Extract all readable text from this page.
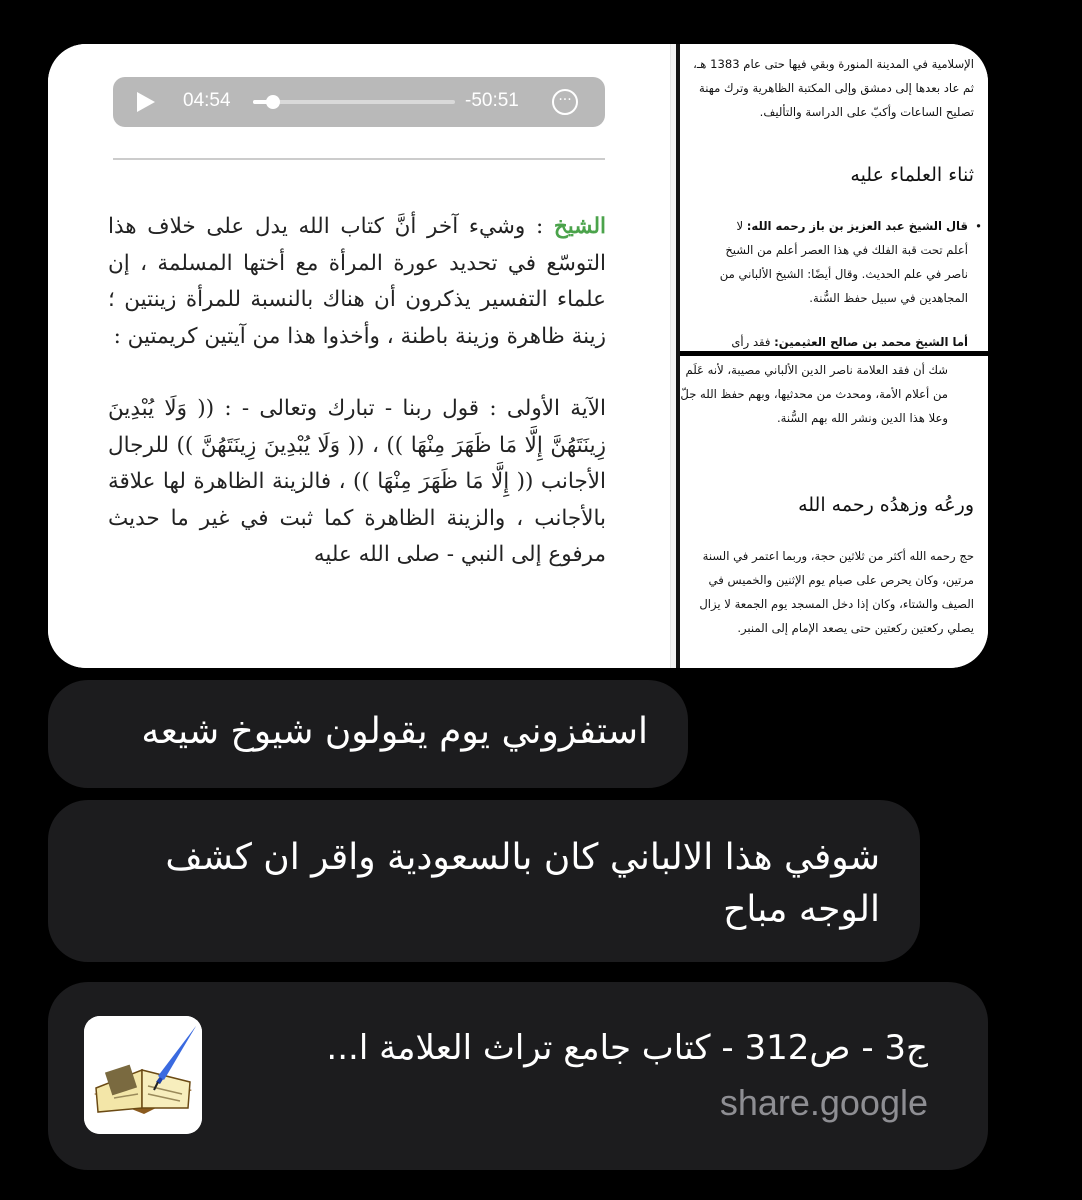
04:54	-50:51	···

الشيخ : وشيء آخر أنَّ كتاب الله يدل على خلاف هذا التوسّع في تحديد عورة المرأة مع أختها المسلمة ، إن علماء التفسير يذكرون أن هناك بالنسبة للمرأة زينتين ؛ زينة ظاهرة وزينة باطنة ، وأخذوا هذا من آيتين كريمتين :

الآية الأولى : قول ربنا - تبارك وتعالى - : (( وَلَا يُبْدِينَ زِينَتَهُنَّ إِلَّا مَا ظَهَرَ مِنْهَا )) ، (( وَلَا يُبْدِينَ زِينَتَهُنَّ )) للرجال الأجانب (( إِلَّا مَا ظَهَرَ مِنْهَا )) ، فالزينة الظاهرة لها علاقة بالأجانب ، والزينة الظاهرة كما ثبت في غير ما حديث مرفوع إلى النبي - صلى الله عليه

الإسلامية في المدينة المنورة وبقي فيها حتى عام 1383 هـ، ثم عاد بعدها إلى دمشق وإلى المكتبة الظاهرية وترك مهنة تصليح الساعات وأكبّ على الدراسة والتأليف.
ثناء العلماء عليه
• قال الشيخ عبد العزيز بن باز رحمه الله: لا أعلم تحت قبة الفلك في هذا العصر أعلم من الشيخ ناصر في علم الحديث. وقال أيضًا: الشيخ الألباني من المجاهدين في سبيل حفظ السُّنة.
• أما الشيخ محمد بن صالح العثيمين: فقد رأى
شك أن فقد العلامة ناصر الدين الألباني مصيبة، لأنه عَلَم من أعلام الأمة، ومحدث من محدثيها، وبهم حفظ الله جلّ وعلا هذا الدين ونشر الله بهم السُّنة.
ورعُه وزهدُه رحمه الله
حج رحمه الله أكثر من ثلاثين حجة، وربما اعتمر في السنة مرتين، وكان يحرص على صيام يوم الإثنين والخميس في الصيف والشتاء، وكان إذا دخل المسجد يوم الجمعة لا يزال يصلي ركعتين ركعتين حتى يصعد الإمام إلى المنبر.
استفزوني يوم يقولون شيوخ شيعه
شوفي هذا الالباني كان بالسعودية واقر ان كشف الوجه مباح
ج3 - ص312 - كتاب جامع تراث العلامة ا...
share.google
